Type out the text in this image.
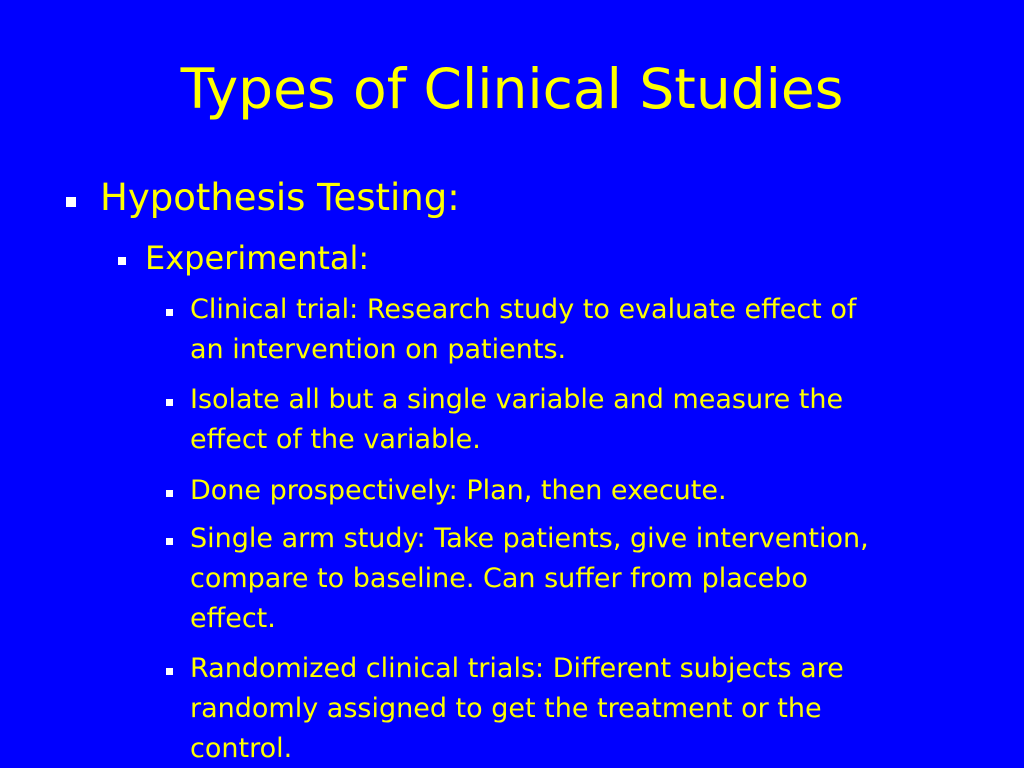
Types of Clinical Studies
Hypothesis Testing:
Experimental:
Clinical trial: Research study to evaluate effect of
an intervention on patients.
Isolate all but a single variable and measure the
effect of the variable.
Done prospectively: Plan, then execute.
Single arm study: Take patients, give intervention,
compare to baseline. Can suffer from placebo
effect.
Randomized clinical trials: Different subjects are
randomly assigned to get the treatment or the
control.
